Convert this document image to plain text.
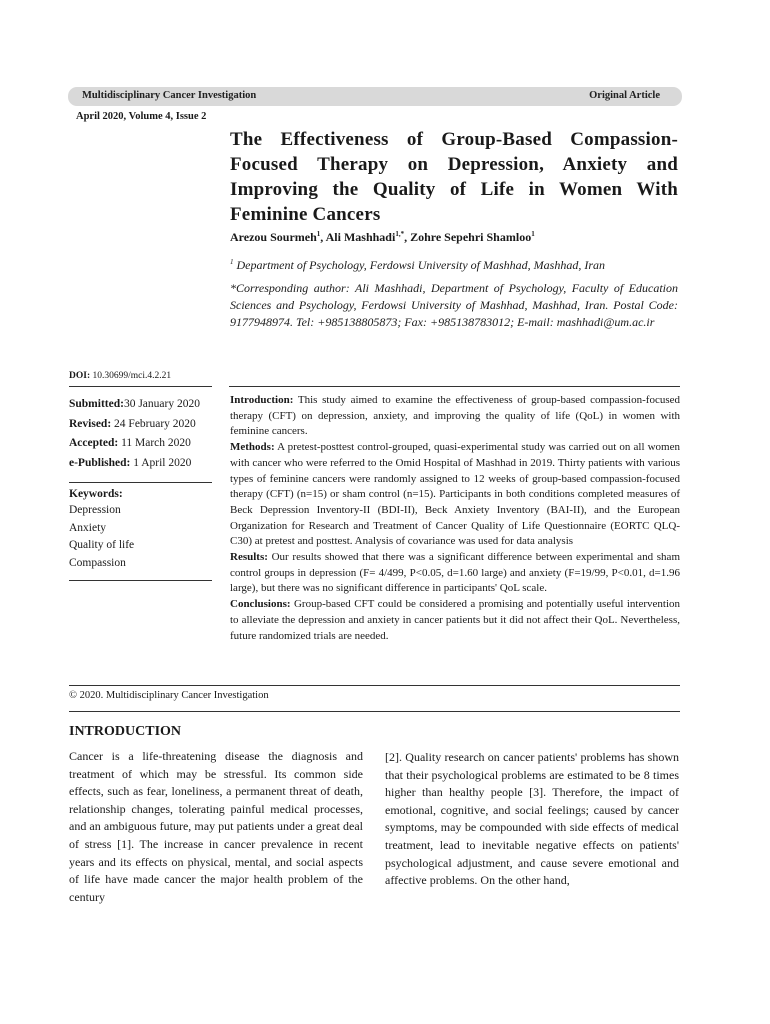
Multidisciplinary Cancer Investigation	Original Article
April 2020, Volume 4, Issue 2
The Effectiveness of Group-Based Compassion-Focused Therapy on Depression, Anxiety and Improving the Quality of Life in Women With Feminine Cancers
Arezou Sourmeh$^1$, Ali Mashhadi$^{1,*}$, Zohre Sepehri Shamloo$^1$
$^1$ Department of Psychology, Ferdowsi University of Mashhad, Mashhad, Iran

*Corresponding author: Ali Mashhadi, Department of Psychology, Faculty of Education Sciences and Psychology, Ferdowsi University of Mashhad, Mashhad, Iran. Postal Code: 9177948974. Tel: +985138805873; Fax: +985138783012; E-mail: mashhadi@um.ac.ir

DOI: 10.30699/mci.4.2.21
Submitted:30 January 2020
Revised: 24 February 2020
Accepted: 11 March 2020
e-Published: 1 April 2020
Keywords:
Depression
Anxiety
Quality of life
Compassion

Introduction: This study aimed to examine the effectiveness of group-based compassion-focused therapy (CFT) on depression, anxiety, and improving the quality of life (QoL) in women with feminine cancers.

Methods: A pretest-posttest control-grouped, quasi-experimental study was carried out on all women with cancer who were referred to the Omid Hospital of Mashhad in 2019. Thirty patients with various types of feminine cancers were randomly assigned to 12 weeks of group-based compassion-focused therapy (CFT) (n=15) or sham control (n=15). Participants in both conditions completed measures of Beck Depression Inventory-II (BDI-II), Beck Anxiety Inventory (BAI-II), and the European Organization for Research and Treatment of Cancer Quality of Life Questionnaire (EORTC QLQ-C30) at pretest and posttest. Analysis of covariance was used for data analysis

Results: Our results showed that there was a significant difference between experimental and sham control groups in depression (F= 4/499, P<0.05, d=1.60 large) and anxiety (F=19/99, P<0.01, d=1.96 large), but there was no significant difference in participants' QoL scale.

Conclusions: Group-based CFT could be considered a promising and potentially useful intervention to alleviate the depression and anxiety in cancer patients but it did not affect their QoL. Nevertheless, future randomized trials are needed.

© 2020. Multidisciplinary Cancer Investigation
INTRODUCTION

Cancer is a life-threatening disease the diagnosis and treatment of which may be stressful. Its common side effects, such as fear, loneliness, a permanent threat of death, relationship changes, tolerating painful medical processes, and an ambiguous future, may put patients under a great deal of stress [1]. The increase in cancer prevalence in recent years and its effects on physical, mental, and social aspects of life have made cancer the major health problem of the century

[2]. Quality research on cancer patients' problems has shown that their psychological problems are estimated to be 8 times higher than healthy people [3]. Therefore, the impact of emotional, cognitive, and social feelings; caused by cancer symptoms, may be compounded with side effects of medical treatment, lead to inevitable negative effects on patients' psychological adjustment, and cause severe emotional and affective problems. On the other hand,
